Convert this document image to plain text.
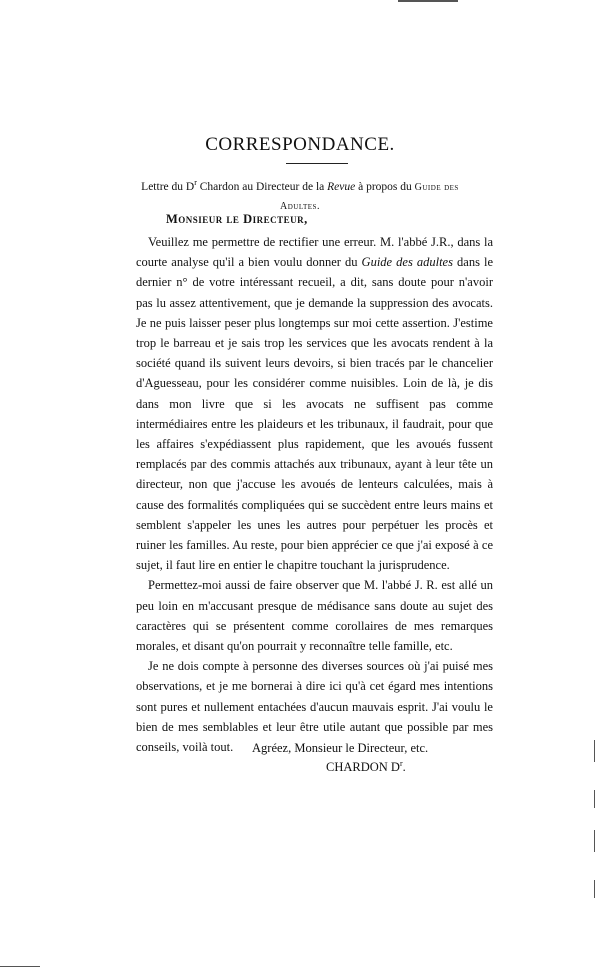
CORRESPONDANCE.
Lettre du $D^r$ Chardon au Directeur de la Revue à propos du Guide des Adultes.
Monsieur le Directeur,

Veuillez me permettre de rectifier une erreur. M. l'abbé J.R., dans la courte analyse qu'il a bien voulu donner du Guide des adultes dans le dernier n° de votre intéressant recueil, a dit, sans doute pour n'avoir pas lu assez attentivement, que je demande la suppression des avocats. Je ne puis laisser peser plus longtemps sur moi cette assertion. J'estime trop le barreau et je sais trop les services que les avocats rendent à la société quand ils suivent leurs devoirs, si bien tracés par le chancelier d'Aguesseau, pour les considérer comme nuisibles. Loin de là, je dis dans mon livre que si les avocats ne suffisent pas comme intermédiaires entre les plaideurs et les tribunaux, il faudrait, pour que les affaires s'expédiassent plus rapidement, que les avoués fussent remplacés par des commis attachés aux tribunaux, ayant à leur tête un directeur, non que j'accuse les avoués de lenteurs calculées, mais à cause des formalités compliquées qui se succèdent entre leurs mains et semblent s'appeler les unes les autres pour perpétuer les procès et ruiner les familles. Au reste, pour bien apprécier ce que j'ai exposé à ce sujet, il faut lire en entier le chapitre touchant la jurisprudence.

Permettez-moi aussi de faire observer que M. l'abbé J. R. est allé un peu loin en m'accusant presque de médisance sans doute au sujet des caractères qui se présentent comme corollaires de mes remarques morales, et disant qu'on pourrait y reconnaître telle famille, etc.

Je ne dois compte à personne des diverses sources où j'ai puisé mes observations, et je me bornerai à dire ici qu'à cet égard mes intentions sont pures et nullement entachées d'aucun mauvais esprit. J'ai voulu le bien de mes semblables et leur être utile autant que possible par mes conseils, voilà tout.	Agréez, Monsieur le Directeur, etc.
CHARDON $D^r$.
